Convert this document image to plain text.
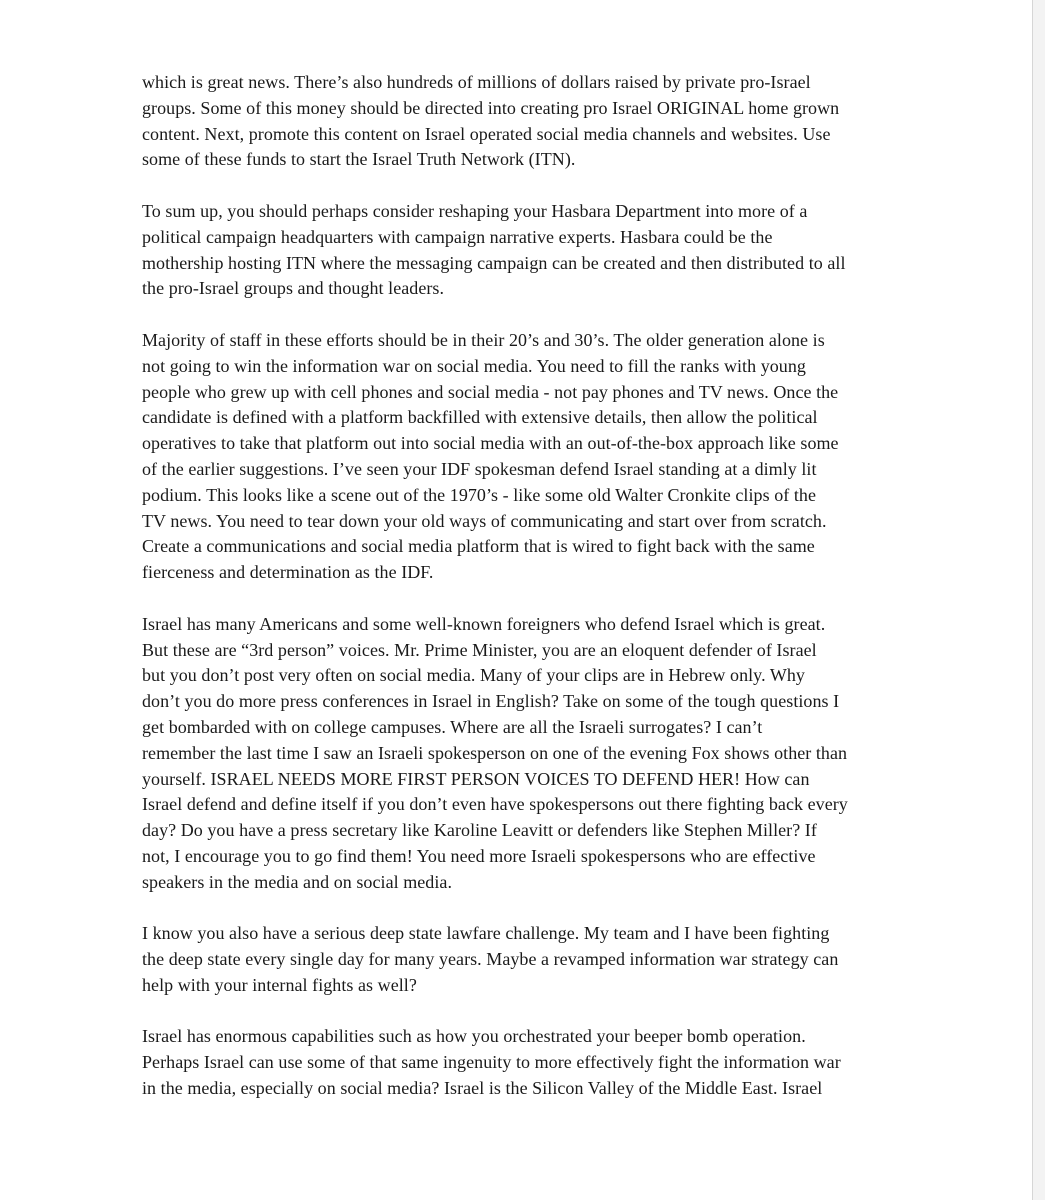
which is great news. There’s also hundreds of millions of dollars raised by private pro-Israel
groups. Some of this money should be directed into creating pro Israel ORIGINAL home grown
content. Next, promote this content on Israel operated social media channels and websites. Use
some of these funds to start the Israel Truth Network (ITN).

To sum up, you should perhaps consider reshaping your Hasbara Department into more of a
political campaign headquarters with campaign narrative experts. Hasbara could be the
mothership hosting ITN where the messaging campaign can be created and then distributed to all
the pro-Israel groups and thought leaders.

Majority of staff in these efforts should be in their 20’s and 30’s. The older generation alone is
not going to win the information war on social media. You need to fill the ranks with young
people who grew up with cell phones and social media - not pay phones and TV news. Once the
candidate is defined with a platform backfilled with extensive details, then allow the political
operatives to take that platform out into social media with an out-of-the-box approach like some
of the earlier suggestions. I’ve seen your IDF spokesman defend Israel standing at a dimly lit
podium. This looks like a scene out of the 1970’s - like some old Walter Cronkite clips of the
TV news. You need to tear down your old ways of communicating and start over from scratch.
Create a communications and social media platform that is wired to fight back with the same
fierceness and determination as the IDF.

Israel has many Americans and some well-known foreigners who defend Israel which is great.
But these are “3rd person” voices. Mr. Prime Minister, you are an eloquent defender of Israel
but you don’t post very often on social media. Many of your clips are in Hebrew only. Why
don’t you do more press conferences in Israel in English? Take on some of the tough questions I
get bombarded with on college campuses. Where are all the Israeli surrogates? I can’t
remember the last time I saw an Israeli spokesperson on one of the evening Fox shows other than
yourself. ISRAEL NEEDS MORE FIRST PERSON VOICES TO DEFEND HER! How can
Israel defend and define itself if you don’t even have spokespersons out there fighting back every
day? Do you have a press secretary like Karoline Leavitt or defenders like Stephen Miller? If
not, I encourage you to go find them! You need more Israeli spokespersons who are effective
speakers in the media and on social media.

I know you also have a serious deep state lawfare challenge. My team and I have been fighting
the deep state every single day for many years. Maybe a revamped information war strategy can
help with your internal fights as well?

Israel has enormous capabilities such as how you orchestrated your beeper bomb operation.
Perhaps Israel can use some of that same ingenuity to more effectively fight the information war
in the media, especially on social media? Israel is the Silicon Valley of the Middle East. Israel
